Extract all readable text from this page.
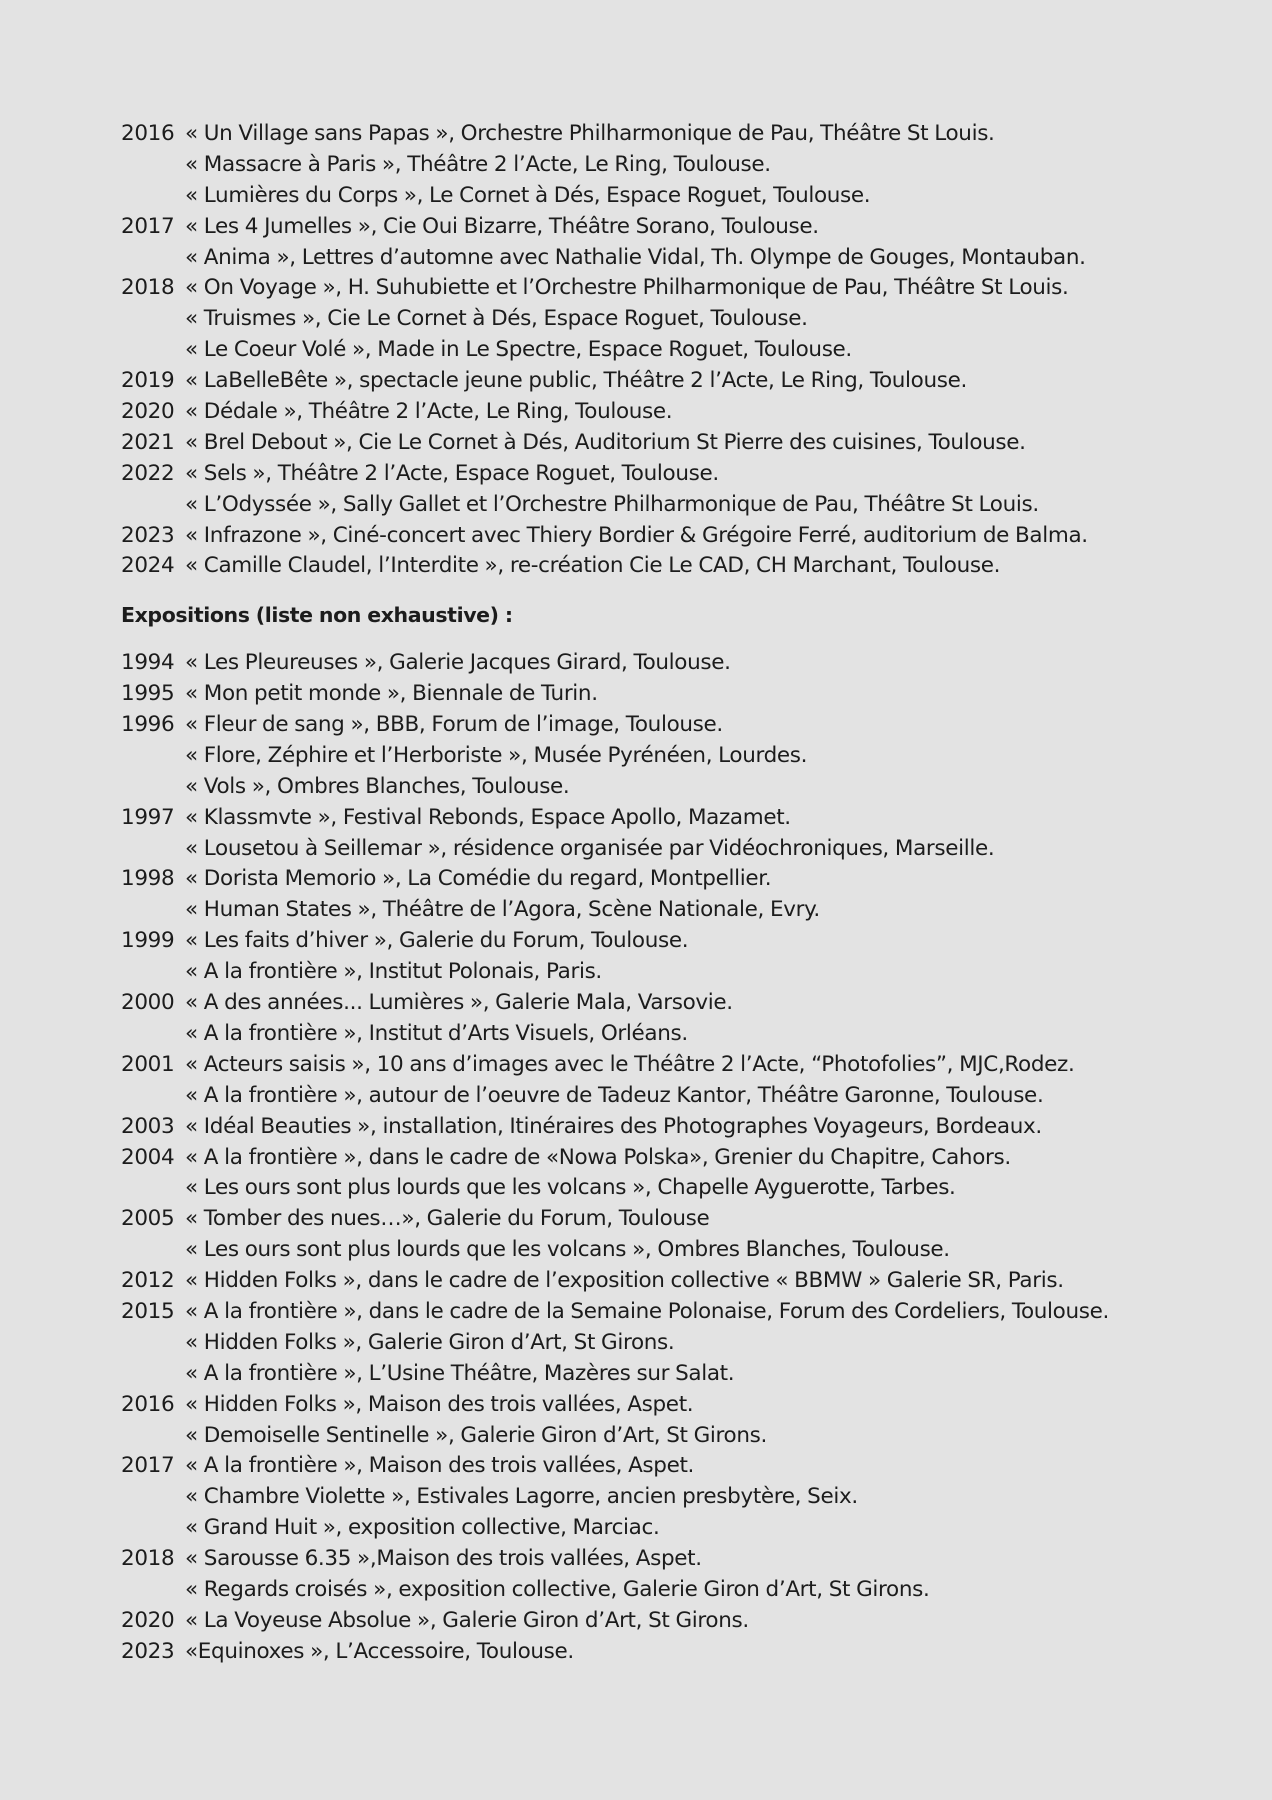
2016 « Un Village sans Papas », Orchestre Philharmonique de Pau, Théâtre St Louis.
« Massacre à Paris », Théâtre 2 l’Acte, Le Ring, Toulouse.
« Lumières du Corps », Le Cornet à Dés, Espace Roguet, Toulouse.
2017 « Les 4 Jumelles », Cie Oui Bizarre, Théâtre Sorano, Toulouse.
« Anima », Lettres d’automne avec Nathalie Vidal, Th. Olympe de Gouges, Montauban.
2018 « On Voyage », H. Suhubiette et l’Orchestre Philharmonique de Pau, Théâtre St Louis.
« Truismes », Cie Le Cornet à Dés, Espace Roguet, Toulouse.
« Le Coeur Volé », Made in Le Spectre, Espace Roguet, Toulouse.
2019 « LaBelleBête », spectacle jeune public, Théâtre 2 l’Acte, Le Ring, Toulouse.
2020 « Dédale », Théâtre 2 l’Acte, Le Ring, Toulouse.
2021 « Brel Debout », Cie Le Cornet à Dés, Auditorium St Pierre des cuisines, Toulouse.
2022 « Sels », Théâtre 2 l’Acte, Espace Roguet, Toulouse.
« L’Odyssée », Sally Gallet et l’Orchestre Philharmonique de Pau, Théâtre St Louis.
2023 « Infrazone », Ciné-concert avec Thiery Bordier & Grégoire Ferré, auditorium de Balma.
2024 « Camille Claudel, l’Interdite », re-création Cie Le CAD, CH Marchant, Toulouse.
Expositions (liste non exhaustive) :
1994 « Les Pleureuses », Galerie Jacques Girard, Toulouse.
1995 « Mon petit monde », Biennale de Turin.
1996 « Fleur de sang », BBB, Forum de l’image, Toulouse.
« Flore, Zéphire et l’Herboriste », Musée Pyrénéen, Lourdes.
« Vols », Ombres Blanches, Toulouse.
1997 « Klassmvte », Festival Rebonds, Espace Apollo, Mazamet.
« Lousetou à Seillemar », résidence organisée par Vidéochroniques, Marseille.
1998 « Dorista Memorio », La Comédie du regard, Montpellier.
« Human States », Théâtre de l’Agora, Scène Nationale, Evry.
1999 « Les faits d’hiver », Galerie du Forum, Toulouse.
« A la frontière », Institut Polonais, Paris.
2000 « A des années... Lumières », Galerie Mala, Varsovie.
« A la frontière », Institut d’Arts Visuels, Orléans.
2001 « Acteurs saisis », 10 ans d’images avec le Théâtre 2 l’Acte, “Photofolies”, MJC,Rodez.
« A la frontière », autour de l’oeuvre de Tadeuz Kantor, Théâtre Garonne, Toulouse.
2003 « Idéal Beauties », installation, Itinéraires des Photographes Voyageurs, Bordeaux.
2004 « A la frontière », dans le cadre de «Nowa Polska», Grenier du Chapitre, Cahors.
« Les ours sont plus lourds que les volcans », Chapelle Ayguerotte, Tarbes.
2005 « Tomber des nues…», Galerie du Forum, Toulouse
« Les ours sont plus lourds que les volcans », Ombres Blanches, Toulouse.
2012 « Hidden Folks », dans le cadre de l’exposition collective « BBMW » Galerie SR, Paris.
2015 « A la frontière », dans le cadre de la Semaine Polonaise, Forum des Cordeliers, Toulouse.
« Hidden Folks », Galerie Giron d’Art, St Girons.
« A la frontière », L’Usine Théâtre, Mazères sur Salat.
2016 « Hidden Folks », Maison des trois vallées, Aspet.
« Demoiselle Sentinelle », Galerie Giron d’Art, St Girons.
2017 « A la frontière », Maison des trois vallées, Aspet.
« Chambre Violette », Estivales Lagorre, ancien presbytère, Seix.
« Grand Huit », exposition collective, Marciac.
2018 « Sarousse 6.35 »,Maison des trois vallées, Aspet.
« Regards croisés », exposition collective, Galerie Giron d’Art, St Girons.
2020 « La Voyeuse Absolue », Galerie Giron d’Art, St Girons.
2023 «Equinoxes », L’Accessoire, Toulouse.
